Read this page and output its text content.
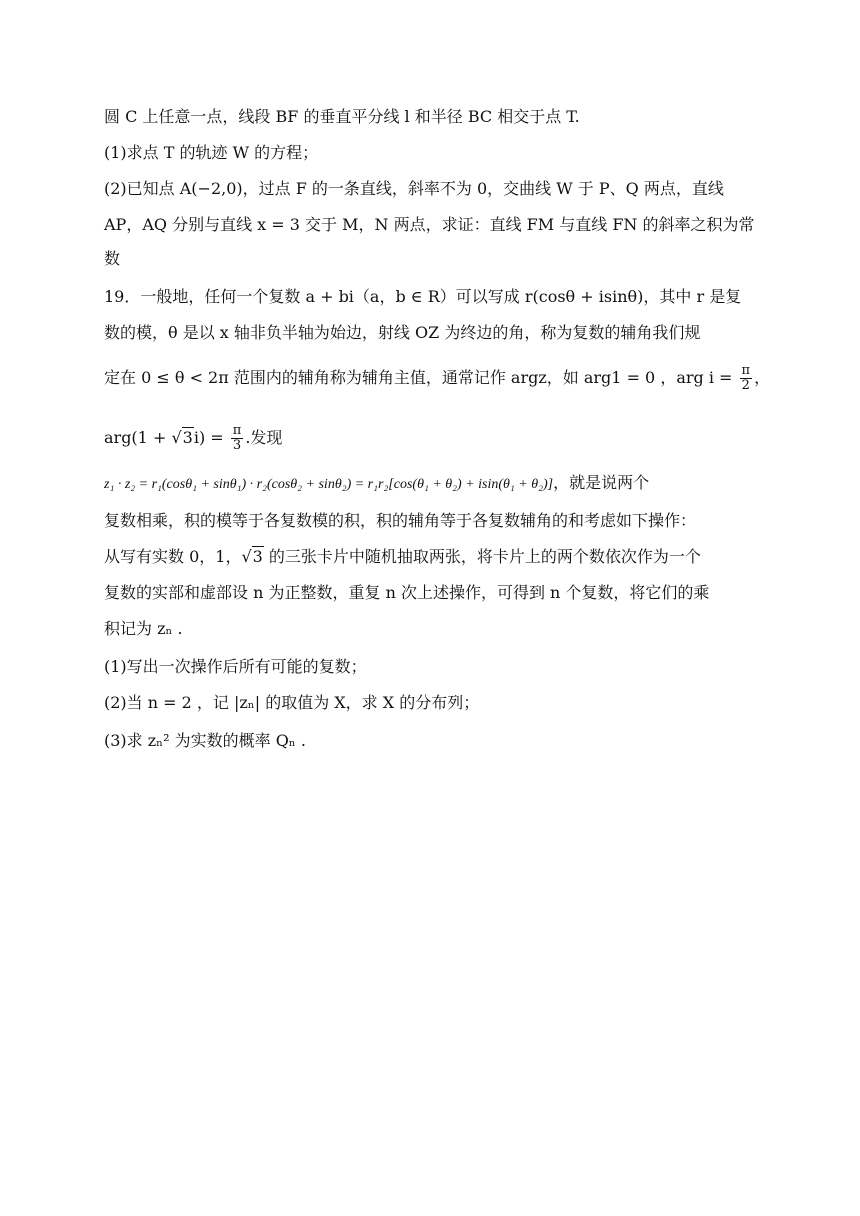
圆 C 上任意一点，线段 BF 的垂直平分线 l 和半径 BC 相交于点 T.
(1)求点 T 的轨迹 W 的方程；
(2)已知点 A(−2,0)，过点 F 的一条直线，斜率不为 0，交曲线 W 于 P、Q 两点，直线
AP，AQ 分别与直线 x = 3 交于 M，N 两点，求证：直线 FM 与直线 FN 的斜率之积为常
数
19．一般地，任何一个复数 a + bi（a，b ∈ R）可以写成 r(cosθ + isinθ)，其中 r 是复
数的模，θ 是以 x 轴非负半轴为始边，射线 OZ 为终边的角，称为复数的辅角我们规
定在 0 ≤ θ < 2π 范围内的辅角称为辅角主值，通常记作 argz，如 arg1 = 0 ，arg $i = \frac{\pi}{2}$ ，
$arg(1 + √3i) = \frac{\pi}{3}$ .发现
z₁ · z₂ = r₁(cosθ₁ + sinθ₁) · r₂(cosθ₂ + sinθ₂) = r₁r₂[cos(θ₁ + θ₂) + isin(θ₁ + θ₂)]，就是说两个
复数相乘，积的模等于各复数模的积，积的辅角等于各复数辅角的和考虑如下操作：
从写有实数 0，1，√3 的三张卡片中随机抽取两张，将卡片上的两个数依次作为一个
复数的实部和虚部设 n 为正整数，重复 n 次上述操作，可得到 n 个复数，将它们的乘
积记为 zₙ .
(1)写出一次操作后所有可能的复数；
(2)当 n = 2 ，记 |zₙ| 的取值为 X，求 X 的分布列；
(3)求 zₙ² 为实数的概率 Qₙ .
